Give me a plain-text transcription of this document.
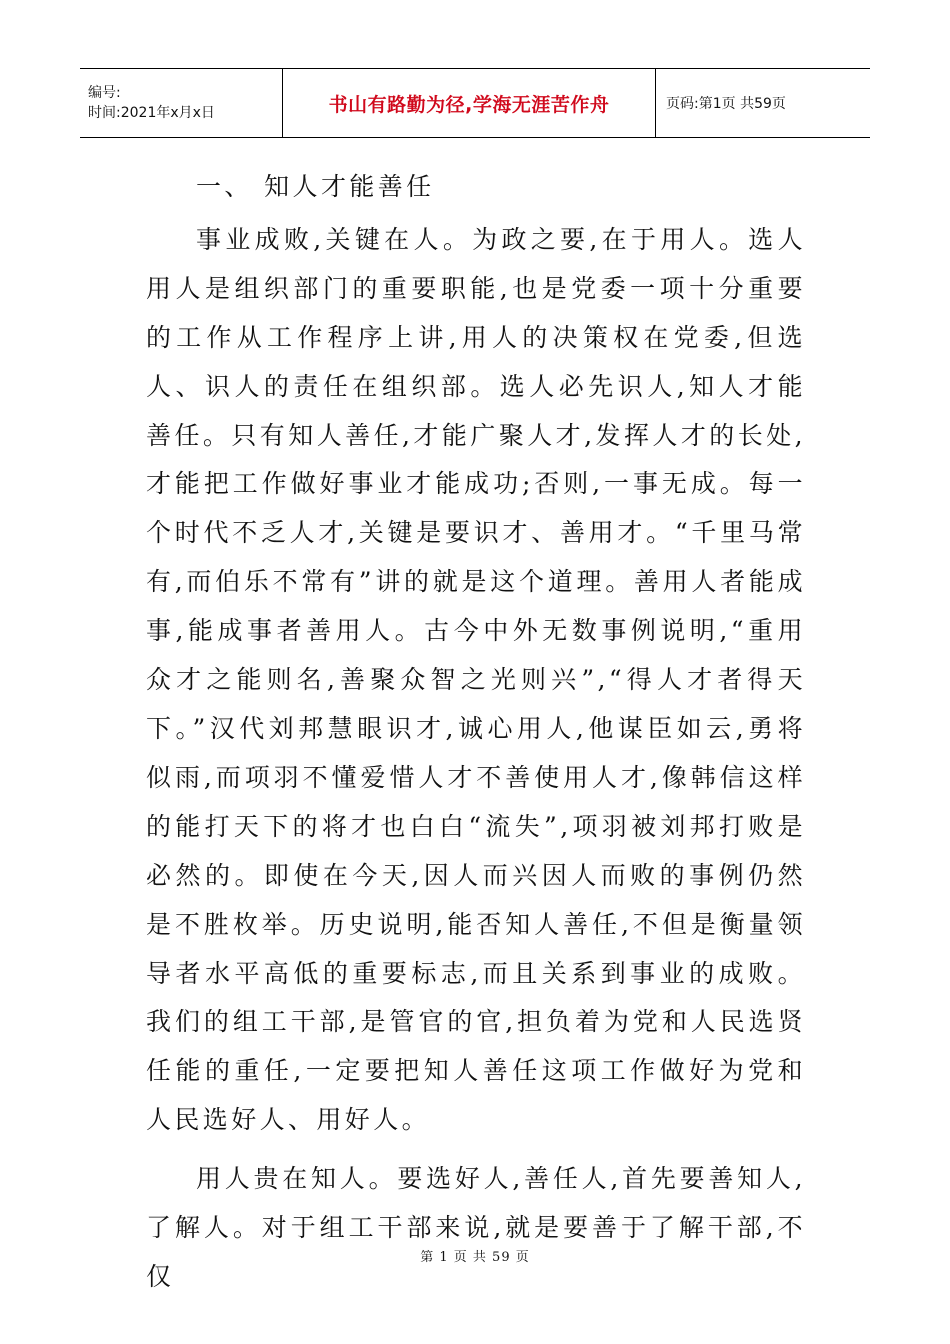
编号:
时间:2021年x月x日	书山有路勤为径,学海无涯苦作舟	页码:第1页 共59页
一、 知人才能善任

事业成败,关键在人。为政之要,在于用人。选人用人是组织部门的重要职能,也是党委一项十分重要的工作从工作程序上讲,用人的决策权在党委,但选人、识人的责任在组织部。选人必先识人,知人才能善任。只有知人善任,才能广聚人才,发挥人才的长处,才能把工作做好事业才能成功;否则,一事无成。每一个时代不乏人才,关键是要识才、善用才。“千里马常有,而伯乐不常有”讲的就是这个道理。善用人者能成事,能成事者善用人。古今中外无数事例说明,“重用众才之能则名,善聚众智之光则兴”,“得人才者得天下。”汉代刘邦慧眼识才,诚心用人,他谋臣如云,勇将似雨,而项羽不懂爱惜人才不善使用人才,像韩信这样的能打天下的将才也白白“流失”,项羽被刘邦打败是必然的。即使在今天,因人而兴因人而败的事例仍然是不胜枚举。历史说明,能否知人善任,不但是衡量领导者水平高低的重要标志,而且关系到事业的成败。我们的组工干部,是管官的官,担负着为党和人民选贤任能的重任,一定要把知人善任这项工作做好为党和人民选好人、用好人。

用人贵在知人。要选好人,善任人,首先要善知人,了解人。对于组工干部来说,就是要善于了解干部,不仅

第 1 页 共 59 页
